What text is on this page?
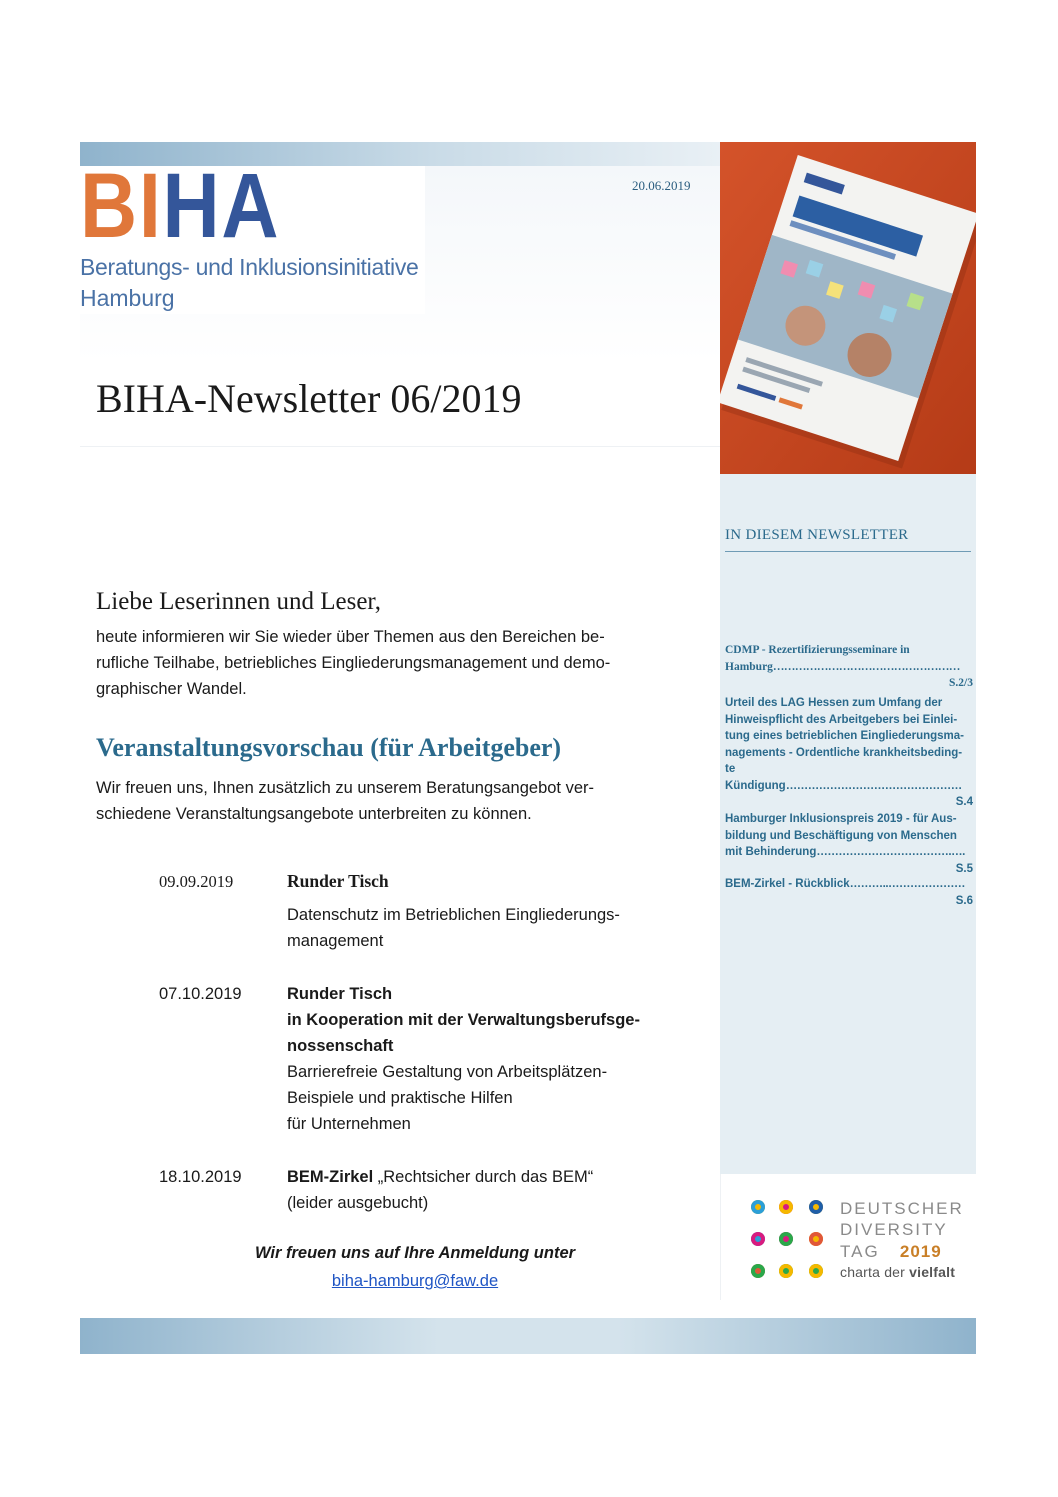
BIHA
Beratungs- und Inklusionsinitiative
Hamburg
20.06.2019
BIHA-Newsletter 06/2019
IN DIESEM NEWSLETTER
CDMP - Rezertifizierungsseminare in
Hamburg……………………………………………
S.2/3
Urteil des LAG Hessen zum Umfang der
Hinweispflicht des Arbeitgebers bei Einlei-
tung eines betrieblichen Eingliederungsma-
nagements - Ordentliche krankheitsbeding-
te Kündigung…………………………………………
S.4
Hamburger Inklusionspreis 2019 - für Aus-
bildung und Beschäftigung von Menschen
mit Behinderung……………………………….….
S.5
BEM-Zirkel - Rückblick………..…………………
S.6
DEUTSCHER
DIVERSITY
TAG 2019
charta der vielfalt
Liebe Leserinnen und Leser,
heute informieren wir Sie wieder über Themen aus den Bereichen be-
rufliche Teilhabe, betriebliches Eingliederungsmanagement und demo-
graphischer Wandel.
Veranstaltungsvorschau (für Arbeitgeber)
Wir freuen uns, Ihnen zusätzlich zu unserem Beratungsangebot ver-
schiedene Veranstaltungsangebote unterbreiten zu können.
09.09.2019	Runder Tisch
Datenschutz im Betrieblichen Eingliederungs-
management
07.10.2019	Runder Tisch
in Kooperation mit der Verwaltungsberufsge-
nossenschaft
Barrierefreie Gestaltung von Arbeitsplätzen-
Beispiele und praktische Hilfen
für Unternehmen
18.10.2019	BEM-Zirkel „Rechtsicher durch das BEM“
(leider ausgebucht)
Wir freuen uns auf Ihre Anmeldung unter
biha-hamburg@faw.de
